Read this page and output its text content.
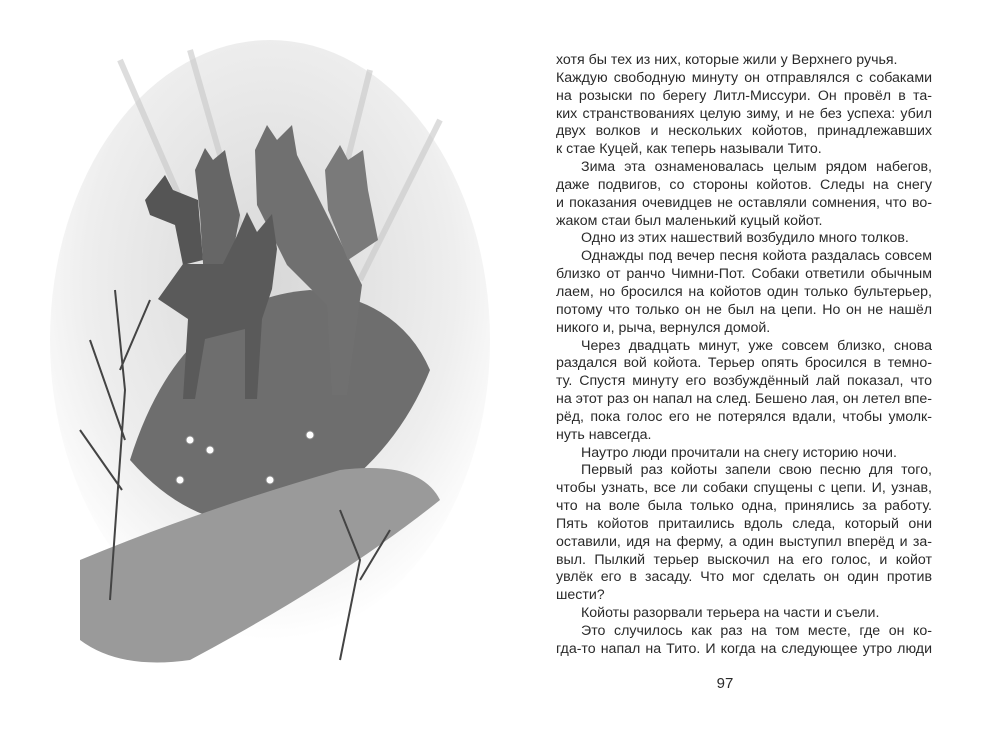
хотя бы тех из них, которые жили у Верхнего ручья.
Каждую свободную минуту он отправлялся с собаками
на розыски по берегу Литл-Миссури. Он провёл в та-
ких странствованиях целую зиму, и не без успеха: убил
двух волков и нескольких койотов, принадлежавших
к стае Куцей, как теперь называли Тито.
Зима эта ознаменовалась целым рядом набегов,
даже подвигов, со стороны койотов. Следы на снегу
и показания очевидцев не оставляли сомнения, что во-
жаком стаи был маленький куцый койот.
Одно из этих нашествий возбудило много толков.
Однажды под вечер песня койота раздалась совсем
близко от ранчо Чимни-Пот. Собаки ответили обычным
лаем, но бросился на койотов один только бультерьер,
потому что только он не был на цепи. Но он не нашёл
никого и, рыча, вернулся домой.
Через двадцать минут, уже совсем близко, снова
раздался вой койота. Терьер опять бросился в темно-
ту. Спустя минуту его возбуждённый лай показал, что
на этот раз он напал на след. Бешено лая, он летел впе-
рёд, пока голос его не потерялся вдали, чтобы умолк-
нуть навсегда.
Наутро люди прочитали на снегу историю ночи.
Первый раз койоты запели свою песню для того,
чтобы узнать, все ли собаки спущены с цепи. И, узнав,
что на воле была только одна, принялись за работу.
Пять койотов притаились вдоль следа, который они
оставили, идя на ферму, а один выступил вперёд и за-
выл. Пылкий терьер выскочил на его голос, и койот
увлёк его в засаду. Что мог сделать он один против
шести?
Койоты разорвали терьера на части и съели.
Это случилось как раз на том месте, где он ко-
гда-то напал на Тито. И когда на следующее утро люди
97
